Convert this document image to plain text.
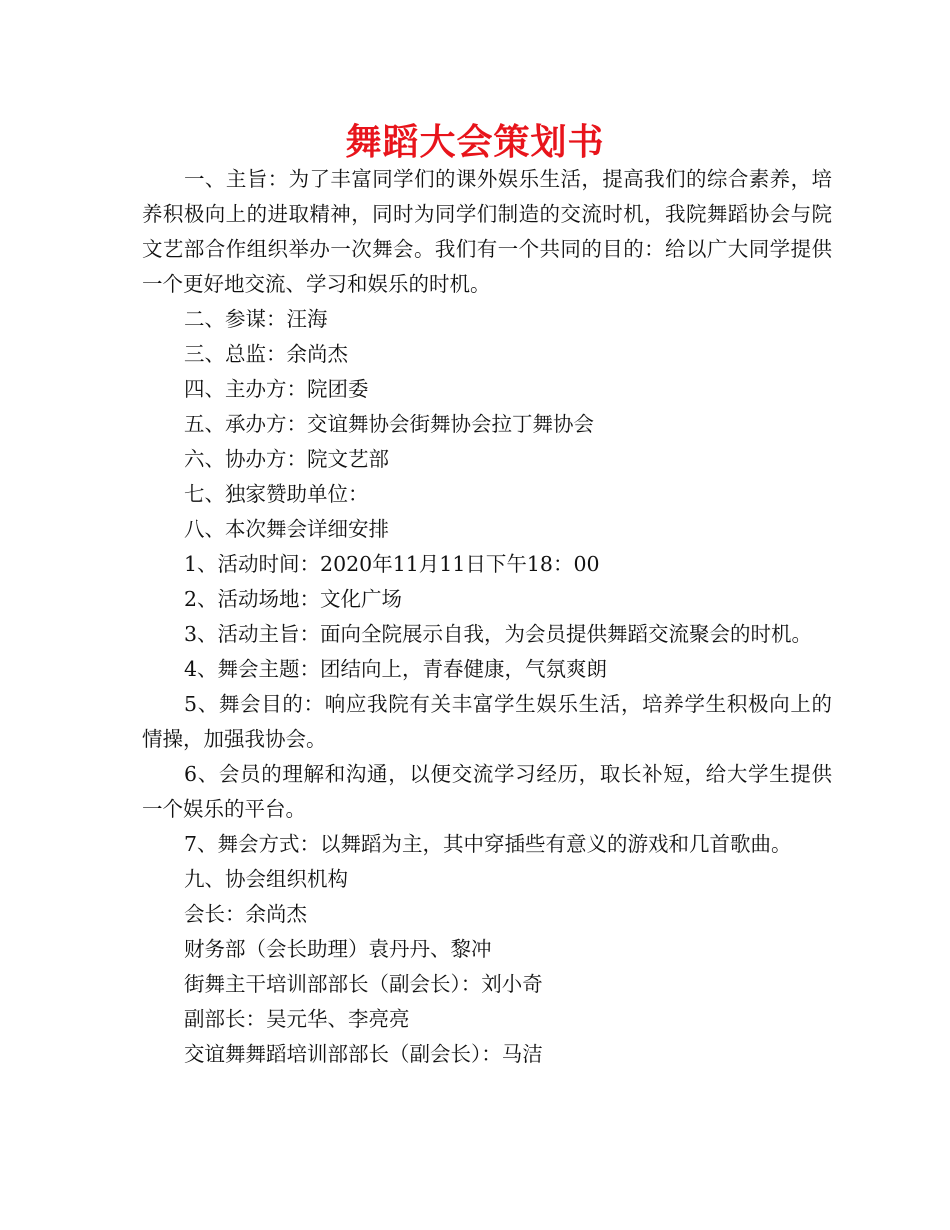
舞蹈大会策划书

一、主旨：为了丰富同学们的课外娱乐生活，提高我们的综合素养，培养积极向上的进取精神，同时为同学们制造的交流时机，我院舞蹈协会与院文艺部合作组织举办一次舞会。我们有一个共同的目的：给以广大同学提供一个更好地交流、学习和娱乐的时机。

二、参谋：汪海

三、总监：余尚杰

四、主办方：院团委

五、承办方：交谊舞协会街舞协会拉丁舞协会

六、协办方：院文艺部

七、独家赞助单位：

八、本次舞会详细安排

1、活动时间：2020年11月11日下午18：00

2、活动场地：文化广场

3、活动主旨：面向全院展示自我，为会员提供舞蹈交流聚会的时机。

4、舞会主题：团结向上，青春健康，气氛爽朗

5、舞会目的：响应我院有关丰富学生娱乐生活，培养学生积极向上的情操，加强我协会。

6、会员的理解和沟通，以便交流学习经历，取长补短，给大学生提供一个娱乐的平台。

7、舞会方式：以舞蹈为主，其中穿插些有意义的游戏和几首歌曲。

九、协会组织机构

会长：余尚杰

财务部（会长助理）袁丹丹、黎冲

街舞主干培训部部长（副会长）：刘小奇

副部长：吴元华、李亮亮

交谊舞舞蹈培训部部长（副会长）：马洁
